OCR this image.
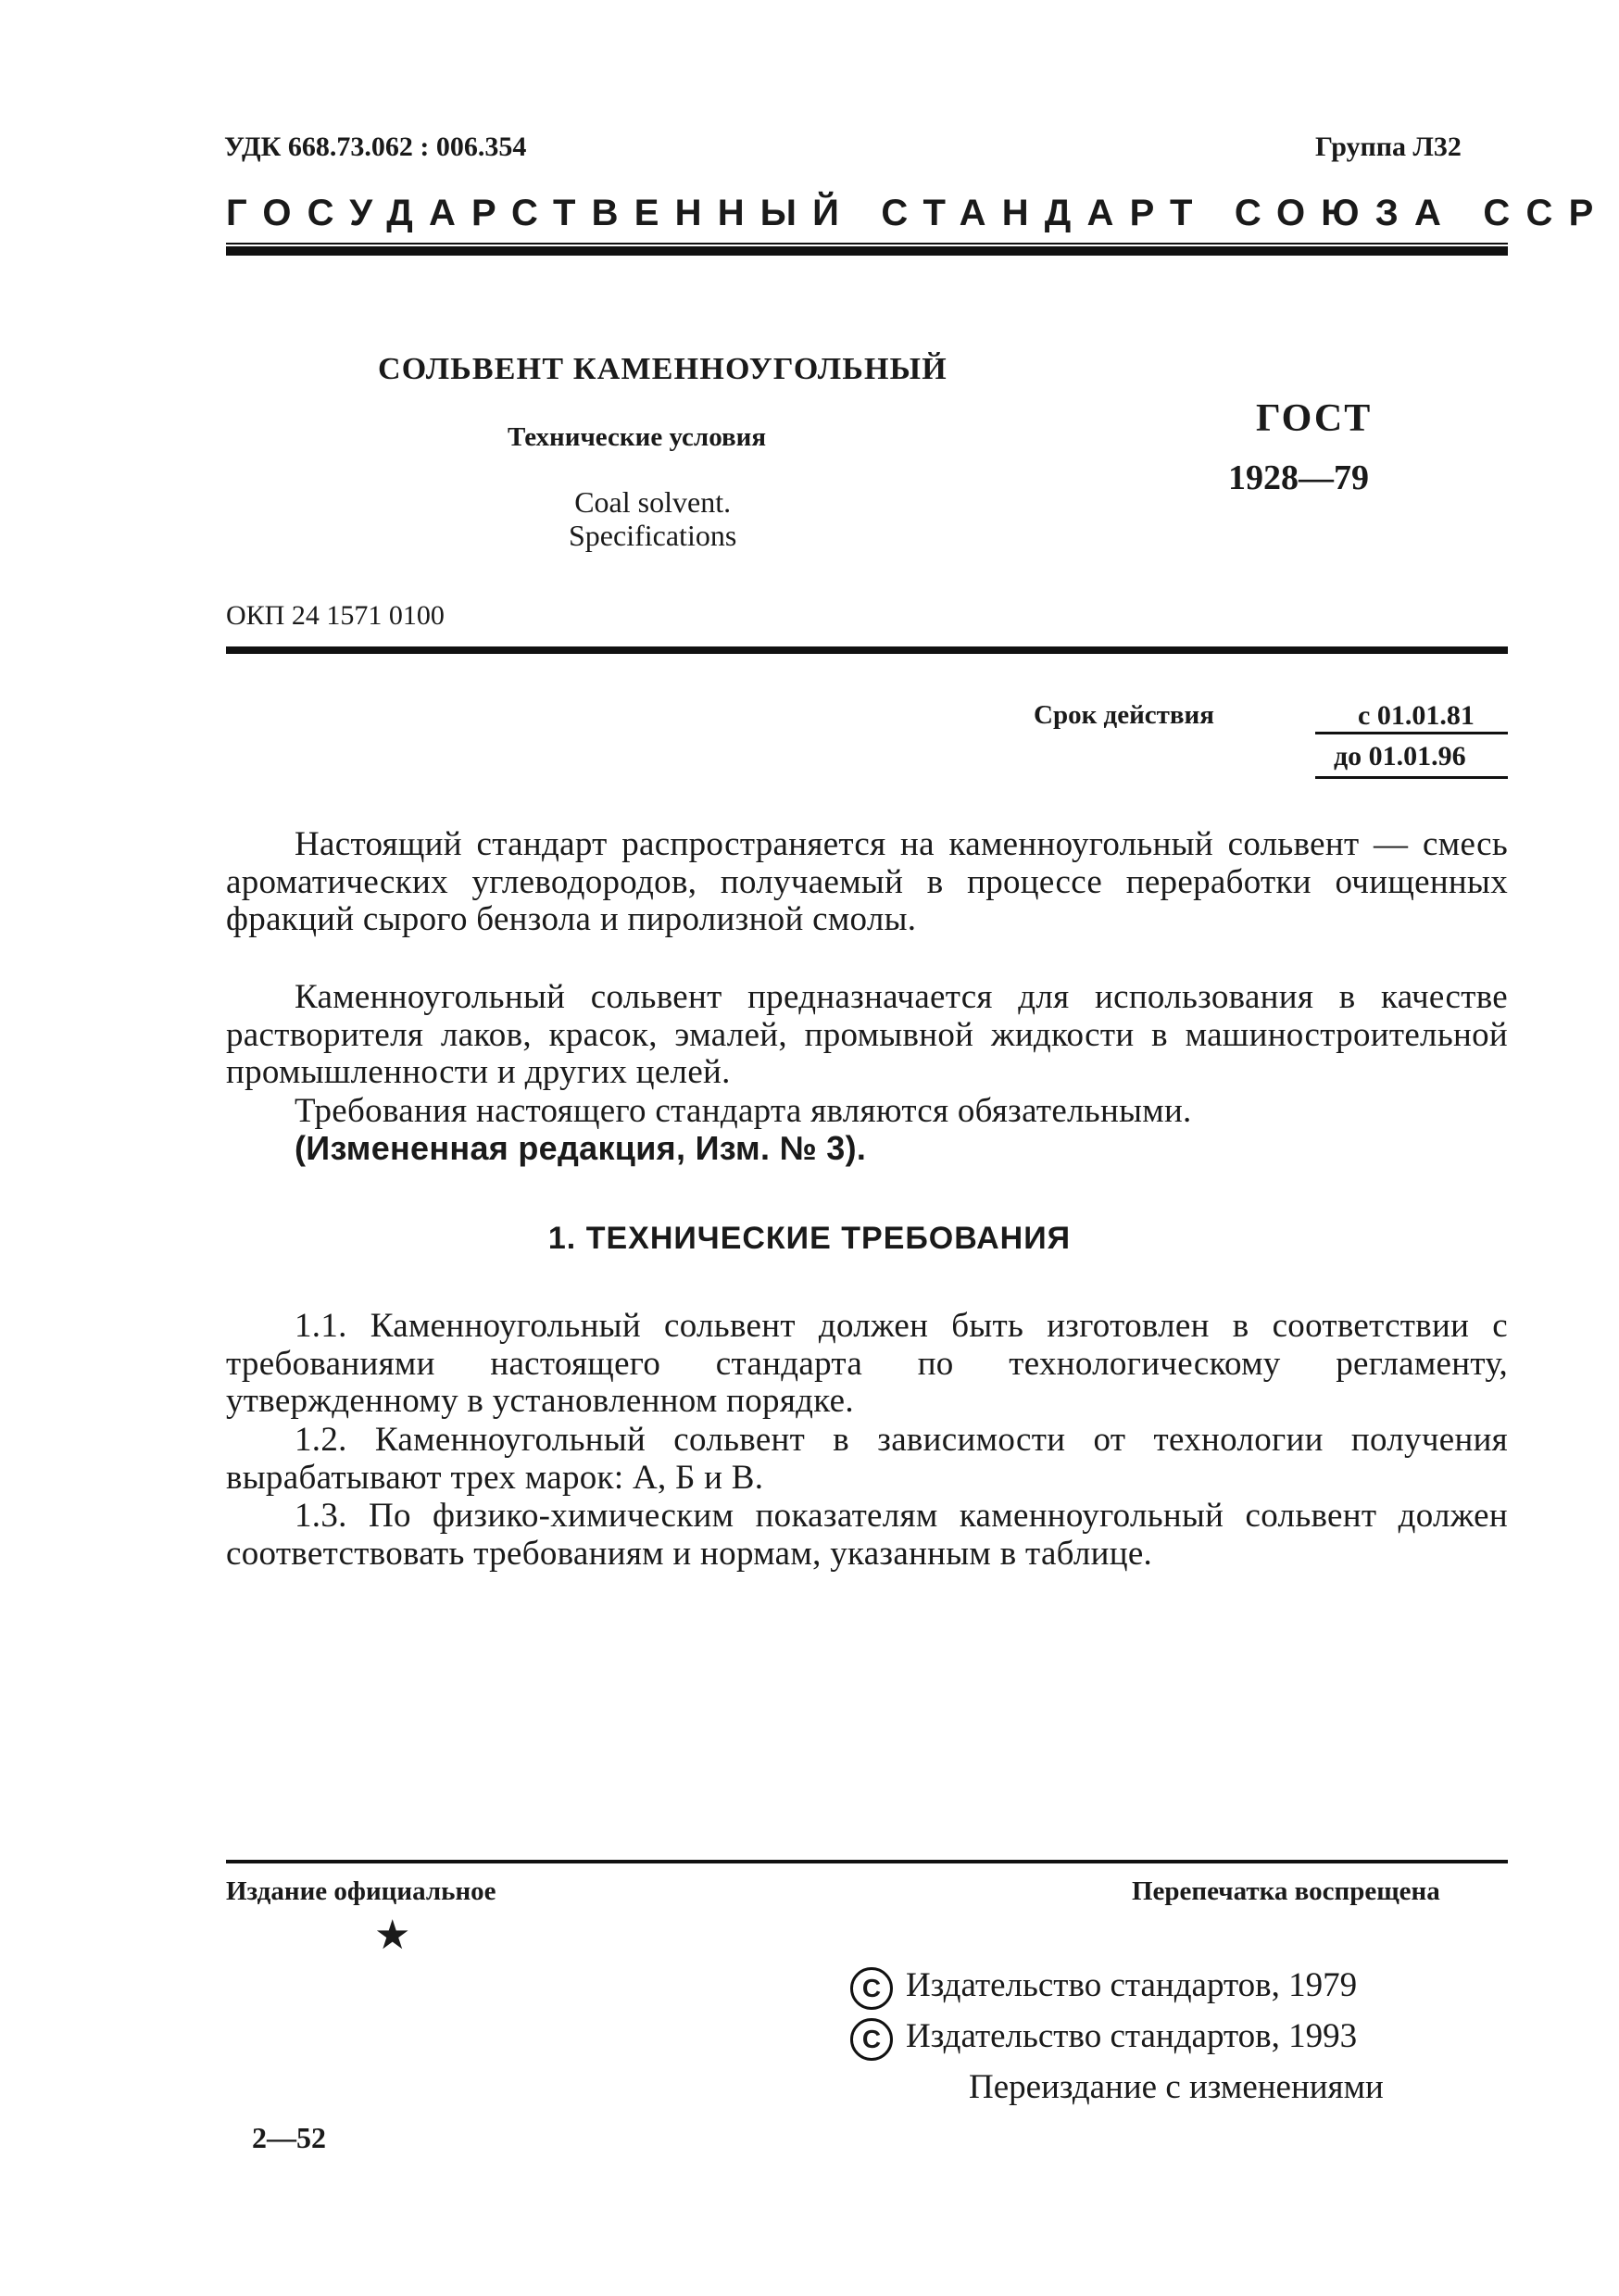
УДК 668.73.062 : 006.354	Группа Л32
ГОСУДАРСТВЕННЫЙ СТАНДАРТ СОЮЗА ССР
СОЛЬВЕНТ КАМЕННОУГОЛЬНЫЙ
Технические условия
Coal solvent.
Specifications
ГОСТ
1928—79
ОКП 24 1571 0100
Срок действия	с 01.01.81
до 01.01.96

Настоящий стандарт распространяется на каменноугольный сольвент — смесь ароматических углеводородов, получаемый в процессе переработки очищенных фракций сырого бензола и пиролизной смолы.

Каменноугольный сольвент предназначается для использования в качестве растворителя лаков, красок, эмалей, промывной жидкости в машиностроительной промышленности и других целей.

Требования настоящего стандарта являются обязательными.

(Измененная редакция, Изм. № 3).

1. ТЕХНИЧЕСКИЕ ТРЕБОВАНИЯ

1.1. Каменноугольный сольвент должен быть изготовлен в соответствии с требованиями настоящего стандарта по технологическому регламенту, утвержденному в установленном порядке.

1.2. Каменноугольный сольвент в зависимости от технологии получения вырабатывают трех марок: А, Б и В.

1.3. По физико-химическим показателям каменноугольный сольвент должен соответствовать требованиям и нормам, указанным в таблице.

Издание официальное	Перепечатка воспрещена
★
C Издательство стандартов, 1979
C Издательство стандартов, 1993
Переиздание с изменениями
2—52
